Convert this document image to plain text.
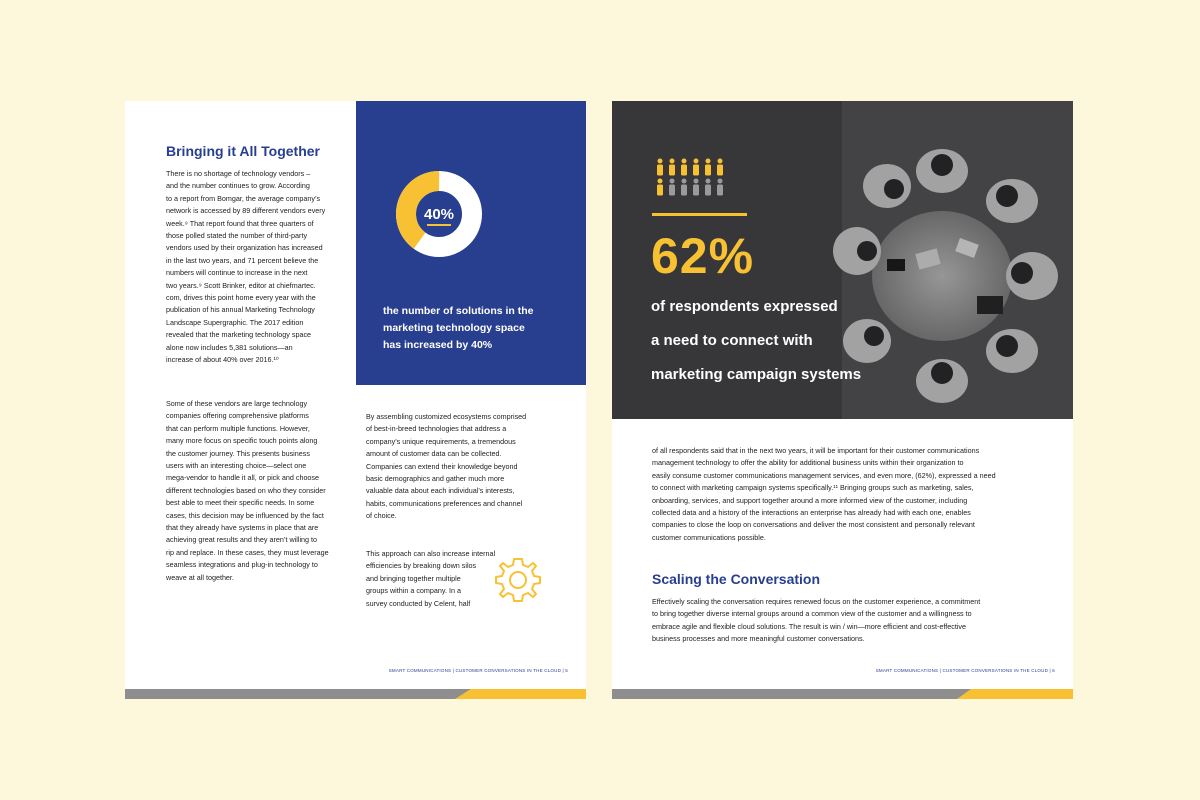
Bringing it All Together

There is no shortage of technology vendors –
and the number continues to grow. According
to a report from Bomgar, the average company’s
network is accessed by 89 different vendors every
week.⁹ That report found that three quarters of
those polled stated the number of third-party
vendors used by their organization has increased
in the last two years, and 71 percent believe the
numbers will continue to increase in the next
two years.⁹ Scott Brinker, editor at chiefmartec.
com, drives this point home every year with the
publication of his annual Marketing Technology
Landscape Supergraphic. The 2017 edition
revealed that the marketing technology space
alone now includes 5,381 solutions—an
increase of about 40% over 2016.¹⁰

Some of these vendors are large technology
companies offering comprehensive platforms
that can perform multiple functions. However,
many more focus on specific touch points along
the customer journey. This presents business
users with an interesting choice—select one
mega-vendor to handle it all, or pick and choose
different technologies based on who they consider
best able to meet their specific needs. In some
cases, this decision may be influenced by the fact
that they already have systems in place that are
achieving great results and they aren’t willing to
rip and replace. In these cases, they must leverage
seamless integrations and plug-in technology to
weave at all together.

40%

the number of solutions in the
marketing technology space
has increased by 40%

By assembling customized ecosystems comprised
of best-in-breed technologies that address a
company’s unique requirements, a tremendous
amount of customer data can be collected.
Companies can extend their knowledge beyond
basic demographics and gather much more
valuable data about each individual’s interests,
habits, communications preferences and channel
of choice.

This approach can also increase internal
efficiencies by breaking down silos
and bringing together multiple
groups within a company. In a
survey conducted by Celent, half

SMART COMMUNICATIONS | CUSTOMER CONVERSATIONS IN THE CLOUD | 5

62%

of respondents expressed
a need to connect with
marketing campaign systems

of all respondents said that in the next two years, it will be important for their customer communications
management technology to offer the ability for additional business units within their organization to
easily consume customer communications management services, and even more, (62%), expressed a need
to connect with marketing campaign systems specifically.¹¹ Bringing groups such as marketing, sales,
onboarding, services, and support together around a more informed view of the customer, including
collected data and a history of the interactions an enterprise has already had with each one, enables
companies to close the loop on conversations and deliver the most consistent and personally relevant
customer communications possible.

Scaling the Conversation

Effectively scaling the conversation requires renewed focus on the customer experience, a commitment
to bring together diverse internal groups around a common view of the customer and a willingness to
embrace agile and flexible cloud solutions. The result is win / win—more efficient and cost-effective
business processes and more meaningful customer conversations.

SMART COMMUNICATIONS | CUSTOMER CONVERSATIONS IN THE CLOUD | 6
